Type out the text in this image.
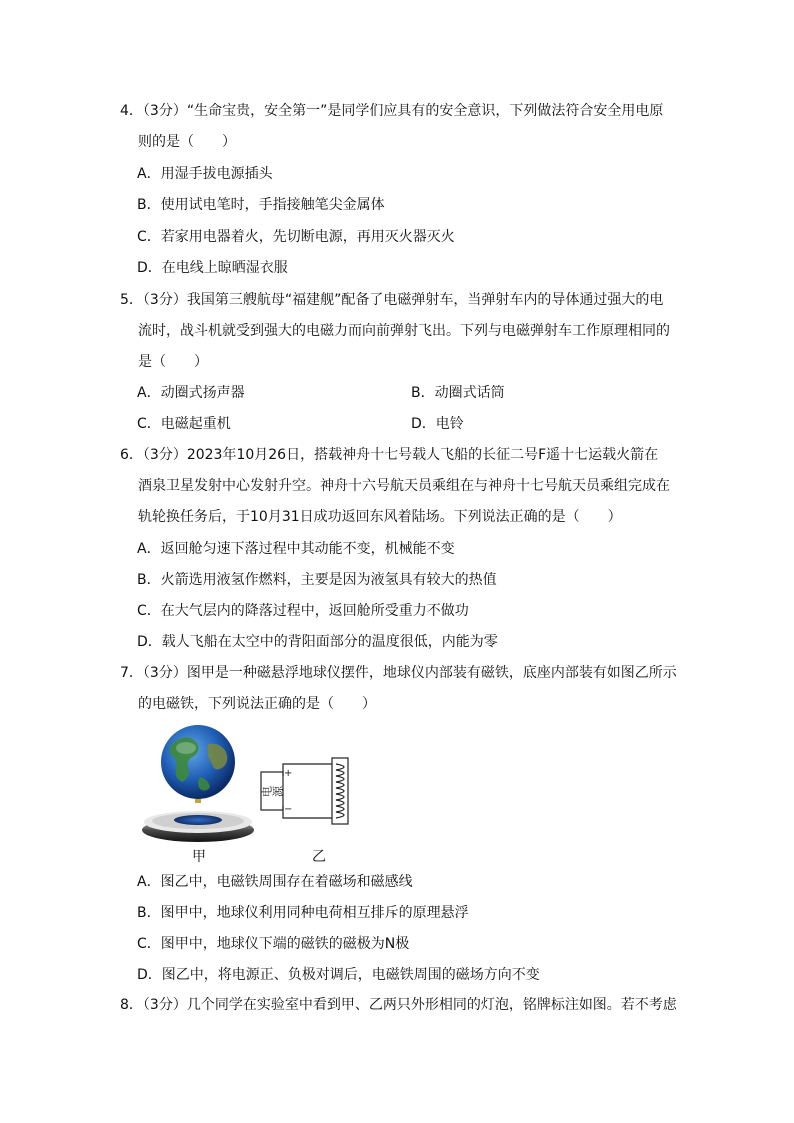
4．（3分）“生命宝贵，安全第一”是同学们应具有的安全意识，下列做法符合安全用电原
则的是（　　）
A．用湿手拔电源插头
B．使用试电笔时，手指接触笔尖金属体
C．若家用电器着火，先切断电源，再用灭火器灭火
D．在电线上晾晒湿衣服
5．（3分）我国第三艘航母“福建舰”配备了电磁弹射车，当弹射车内的导体通过强大的电
流时，战斗机就受到强大的电磁力而向前弹射飞出。下列与电磁弹射车工作原理相同的
是（　　）
A．动圈式扬声器	B．动圈式话筒
C．电磁起重机	D．电铃
6．（3分）2023年10月26日，搭载神舟十七号载人飞船的长征二号F遥十七运载火箭在
酒泉卫星发射中心发射升空。神舟十六号航天员乘组在与神舟十七号航天员乘组完成在
轨轮换任务后，于10月31日成功返回东风着陆场。下列说法正确的是（　　）
A．返回舱匀速下落过程中其动能不变，机械能不变
B．火箭选用液氢作燃料，主要是因为液氢具有较大的热值
C．在大气层内的降落过程中，返回舱所受重力不做功
D．载人飞船在太空中的背阳面部分的温度很低，内能为零
7．（3分）图甲是一种磁悬浮地球仪摆件，地球仪内部装有磁铁，底座内部装有如图乙所示
的电磁铁，下列说法正确的是（　　）
+
−
电源
甲	乙
A．图乙中，电磁铁周围存在着磁场和磁感线
B．图甲中，地球仪利用同种电荷相互排斥的原理悬浮
C．图甲中，地球仪下端的磁铁的磁极为N极
D．图乙中，将电源正、负极对调后，电磁铁周围的磁场方向不变
8．（3分）几个同学在实验室中看到甲、乙两只外形相同的灯泡，铭牌标注如图。若不考虑
